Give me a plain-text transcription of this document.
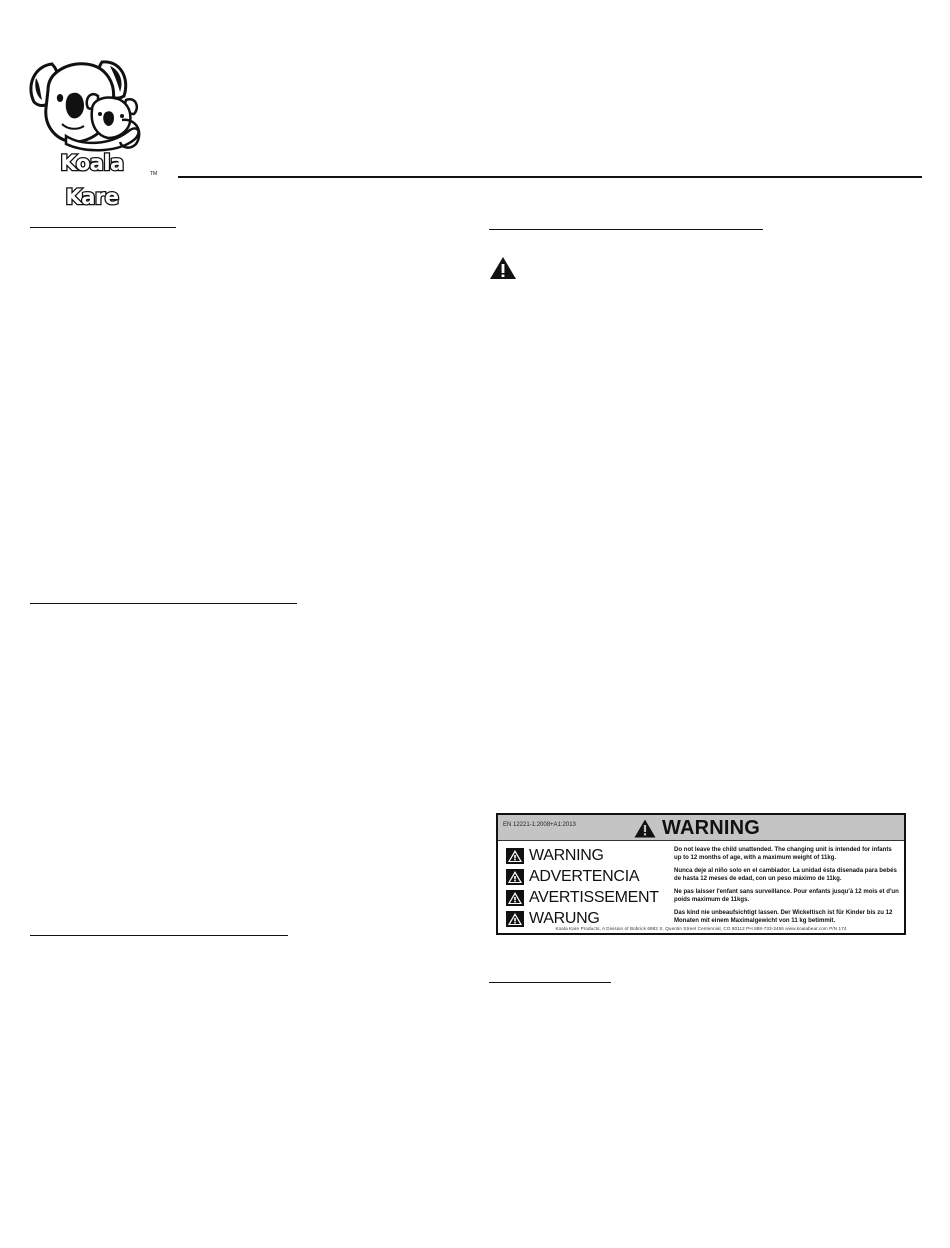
Koala Kare
TM
EN 12221-1:2008+A1:2013	WARNING
WARNING
ADVERTENCIA
AVERTISSEMENT
WARUNG
Do not leave the child unattended. The changing unit is intended for infants up to 12 months of age, with a maximum weight of 11kg.
Nunca deje al niño solo en el cambiador. La unidad ésta disenada para bebés de hasta 12 meses de edad, con un peso máximo de 11kg.
Ne pas laisser l'enfant sans surveillance. Pour enfants jusqu'à 12 mois et d'un poids maximum de 11kgs.
Das kind nie unbeaufsichtigt lassen. Der Wickeltisch ist für Kinder bis zu 12 Monaten mit einem Maximalgewicht von 11 kg betimmit.
Koala Kare Products, A Division of Bobrick 6982 S. Quentin Street Centennial, CO 80112 PH 888-733-3456 www.koalabear.com P/N 174
